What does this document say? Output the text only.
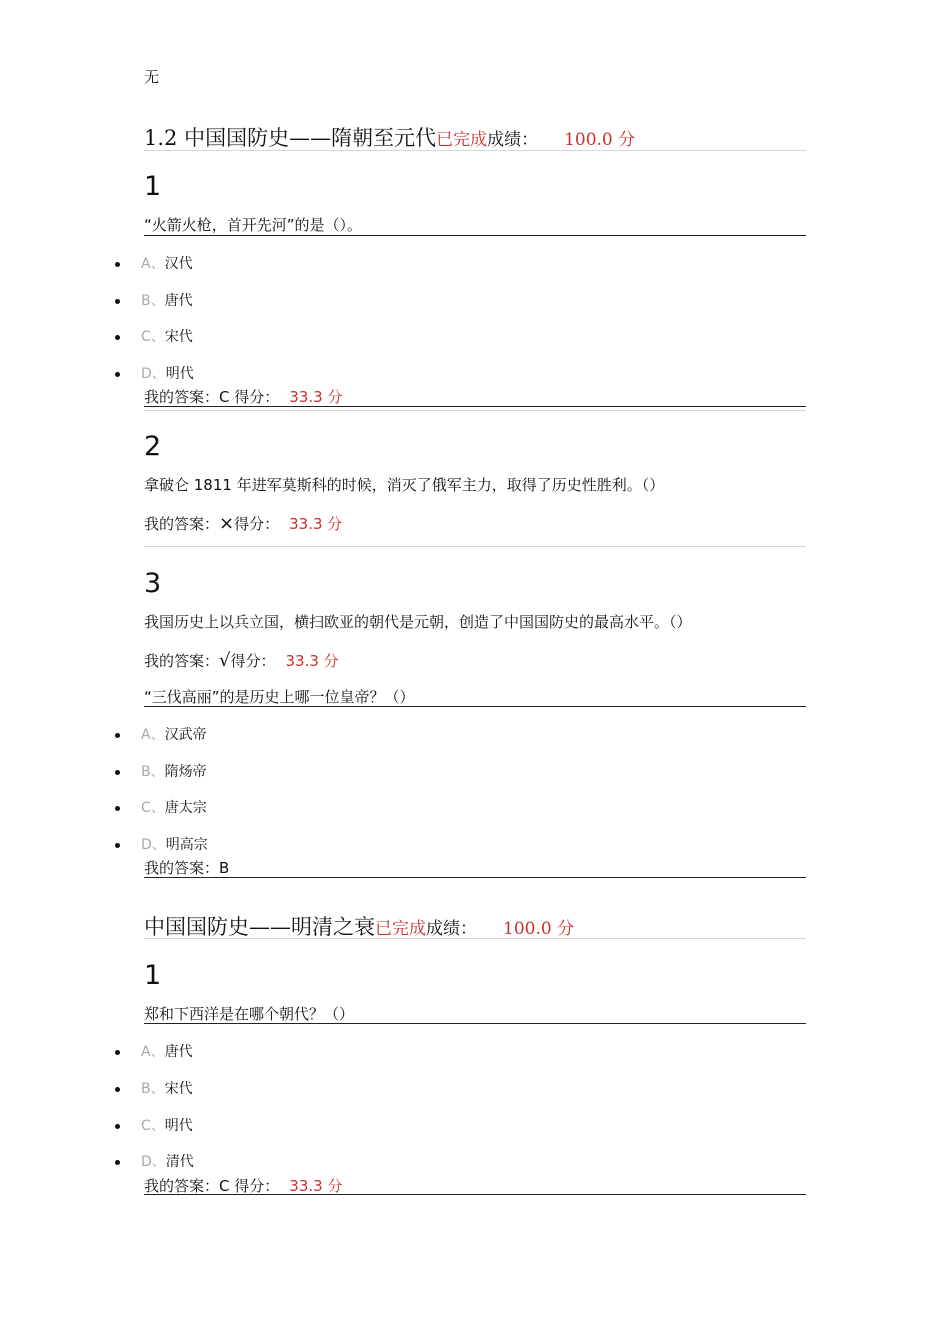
无
1.2 中国国防史——隋朝至元代已完成成绩： 100.0 分
1
“火箭火枪，首开先河”的是（）。
A、汉代
B、唐代
C、宋代
D、明代
我的答案：C 得分： 33.3 分
2
拿破仑 1811 年进军莫斯科的时候，消灭了俄军主力，取得了历史性胜利。（）
我的答案：×得分： 33.3 分
3
我国历史上以兵立国，横扫欧亚的朝代是元朝，创造了中国国防史的最高水平。（）
我的答案：√得分： 33.3 分
“三伐高丽”的是历史上哪一位皇帝？（）
A、汉武帝
B、隋炀帝
C、唐太宗
D、明高宗
我的答案：B
中国国防史——明清之衰已完成成绩： 100.0 分
1
郑和下西洋是在哪个朝代？（）
A、唐代
B、宋代
C、明代
D、清代
我的答案：C 得分： 33.3 分
